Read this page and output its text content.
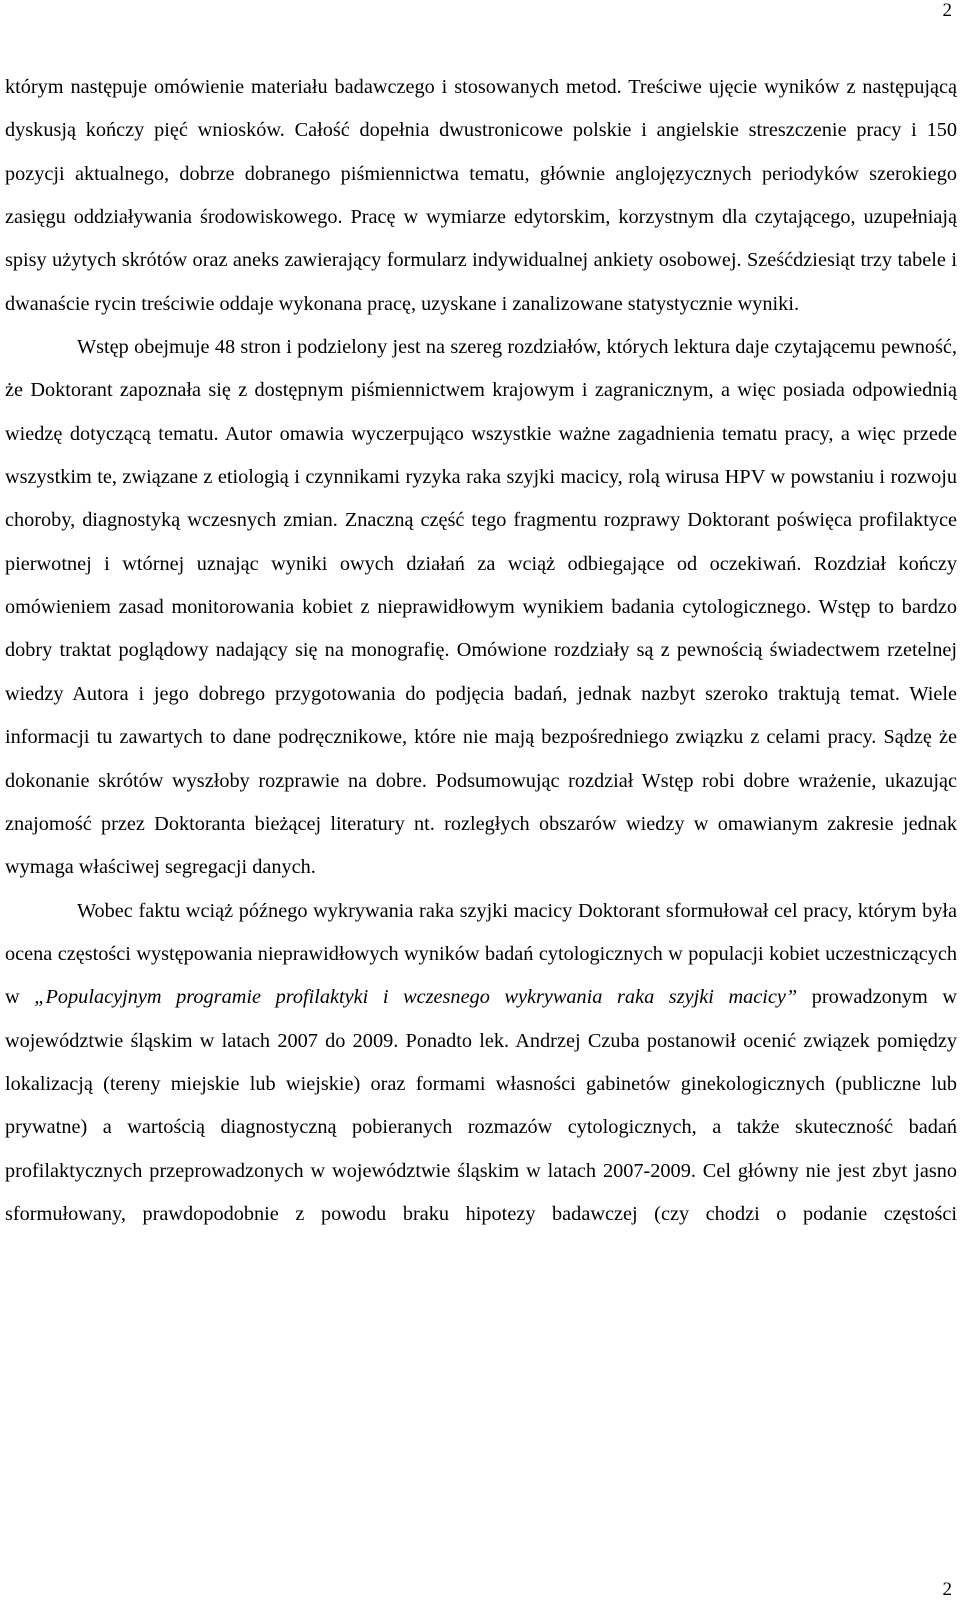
2

którym następuje omówienie materiału badawczego i stosowanych metod. Treściwe ujęcie wyników z następującą dyskusją kończy pięć wniosków. Całość dopełnia dwustronicowe polskie i angielskie streszczenie pracy i 150 pozycji aktualnego, dobrze dobranego piśmiennictwa tematu, głównie anglojęzycznych periodyków szerokiego zasięgu oddziaływania środowiskowego. Pracę w wymiarze edytorskim, korzystnym dla czytającego, uzupełniają spisy użytych skrótów oraz aneks zawierający formularz indywidualnej ankiety osobowej. Sześćdziesiąt trzy tabele i dwanaście rycin treściwie oddaje wykonana pracę, uzyskane i zanalizowane statystycznie wyniki.

Wstęp obejmuje 48 stron i podzielony jest na szereg rozdziałów, których lektura daje czytającemu pewność, że Doktorant zapoznała się z dostępnym piśmiennictwem krajowym i zagranicznym, a więc posiada odpowiednią wiedzę dotyczącą tematu. Autor omawia wyczerpująco wszystkie ważne zagadnienia tematu pracy, a więc przede wszystkim te, związane z etiologią i czynnikami ryzyka raka szyjki macicy, rolą wirusa HPV w powstaniu i rozwoju choroby, diagnostyką wczesnych zmian. Znaczną część tego fragmentu rozprawy Doktorant poświęca profilaktyce pierwotnej i wtórnej uznając wyniki owych działań za wciąż odbiegające od oczekiwań. Rozdział kończy omówieniem zasad monitorowania kobiet z nieprawidłowym wynikiem badania cytologicznego. Wstęp to bardzo dobry traktat poglądowy nadający się na monografię. Omówione rozdziały są z pewnością świadectwem rzetelnej wiedzy Autora i jego dobrego przygotowania do podjęcia badań, jednak nazbyt szeroko traktują temat. Wiele informacji tu zawartych to dane podręcznikowe, które nie mają bezpośredniego związku z celami pracy. Sądzę że dokonanie skrótów wyszłoby rozprawie na dobre. Podsumowując rozdział Wstęp robi dobre wrażenie, ukazując znajomość przez Doktoranta bieżącej literatury nt. rozległych obszarów wiedzy w omawianym zakresie jednak wymaga właściwej segregacji danych.

Wobec faktu wciąż późnego wykrywania raka szyjki macicy Doktorant sformułował cel pracy, którym była ocena częstości występowania nieprawidłowych wyników badań cytologicznych w populacji kobiet uczestniczących w „Populacyjnym programie profilaktyki i wczesnego wykrywania raka szyjki macicy” prowadzonym w województwie śląskim w latach 2007 do 2009. Ponadto lek. Andrzej Czuba postanowił ocenić związek pomiędzy lokalizacją (tereny miejskie lub wiejskie) oraz formami własności gabinetów ginekologicznych (publiczne lub prywatne) a wartością diagnostyczną pobieranych rozmazów cytologicznych, a także skuteczność badań profilaktycznych przeprowadzonych w województwie śląskim w latach 2007-2009. Cel główny nie jest zbyt jasno sformułowany, prawdopodobnie z powodu braku hipotezy badawczej (czy chodzi o podanie częstości

2
